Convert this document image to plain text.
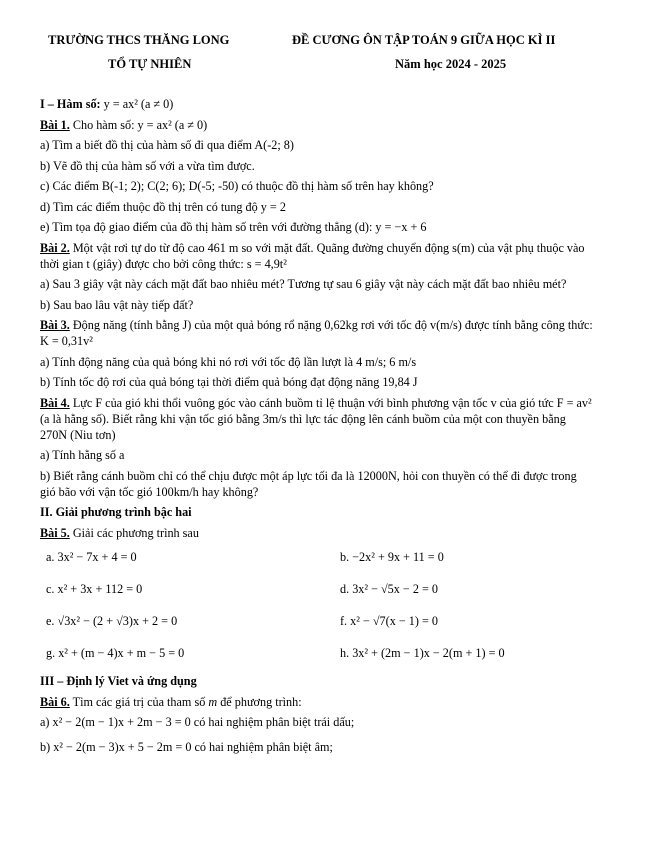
TRƯỜNG THCS THĂNG LONG
TỔ TỰ NHIÊN
ĐỀ CƯƠNG ÔN TẬP TOÁN 9 GIỮA HỌC KÌ II
Năm học 2024 - 2025

I – Hàm số: y = ax² (a ≠ 0)

Bài 1. Cho hàm số: y = ax² (a ≠ 0)

a) Tìm a biết đồ thị của hàm số đi qua điểm A(-2; 8)

b) Vẽ đồ thị của hàm số với a vừa tìm được.

c) Các điểm B(-1; 2); C(2; 6); D(-5; -50) có thuộc đồ thị hàm số trên hay không?

d) Tìm các điểm thuộc đồ thị trên có tung độ y = 2

e) Tìm tọa độ giao điểm của đồ thị hàm số trên với đường thẳng (d): y = −x + 6

Bài 2. Một vật rơi tự do từ độ cao 461 m so với mặt đất. Quãng đường chuyển động s(m) của vật phụ thuộc vào

thời gian t (giây) được cho bởi công thức: s = 4,9t²

a) Sau 3 giây vật này cách mặt đất bao nhiêu mét? Tương tự sau 6 giây vật này cách mặt đất bao nhiêu mét?

b) Sau bao lâu vật này tiếp đất?

Bài 3. Động năng (tính bằng J) của một quả bóng rổ nặng 0,62kg rơi với tốc độ v(m/s) được tính bằng công thức:

K = 0,31v²

a) Tính động năng của quả bóng khi nó rơi với tốc độ lần lượt là 4 m/s; 6 m/s

b) Tính tốc độ rơi của quả bóng tại thời điểm quả bóng đạt động năng 19,84 J

Bài 4. Lực F của gió khi thổi vuông góc vào cánh buồm tỉ lệ thuận với bình phương vận tốc v của gió tức F = av²

(a là hằng số). Biết rằng khi vận tốc gió bằng 3m/s thì lực tác động lên cánh buồm của một con thuyền bằng

270N (Niu tơn)

a) Tính hằng số a

b) Biết rằng cánh buồm chỉ có thể chịu được một áp lực tối đa là 12000N, hỏi con thuyền có thể đi được trong

gió bão với vận tốc gió 100km/h hay không?

II. Giải phương trình bậc hai

Bài 5. Giải các phương trình sau

a. 3x² − 7x + 4 = 0	b. −2x² + 9x + 11 = 0
c. x² + 3x + 112 = 0	d. 3x² − √5x − 2 = 0
e. √3x² − (2 + √3)x + 2 = 0	f. x² − √7(x − 1) = 0
g. x² + (m − 4)x + m − 5 = 0	h. 3x² + (2m − 1)x − 2(m + 1) = 0

III – Định lý Viet và ứng dụng

Bài 6. Tìm các giá trị của tham số m để phương trình:

a) x² − 2(m − 1)x + 2m − 3 = 0 có hai nghiệm phân biệt trái dấu;

b) x² − 2(m − 3)x + 5 − 2m = 0 có hai nghiệm phân biệt âm;
